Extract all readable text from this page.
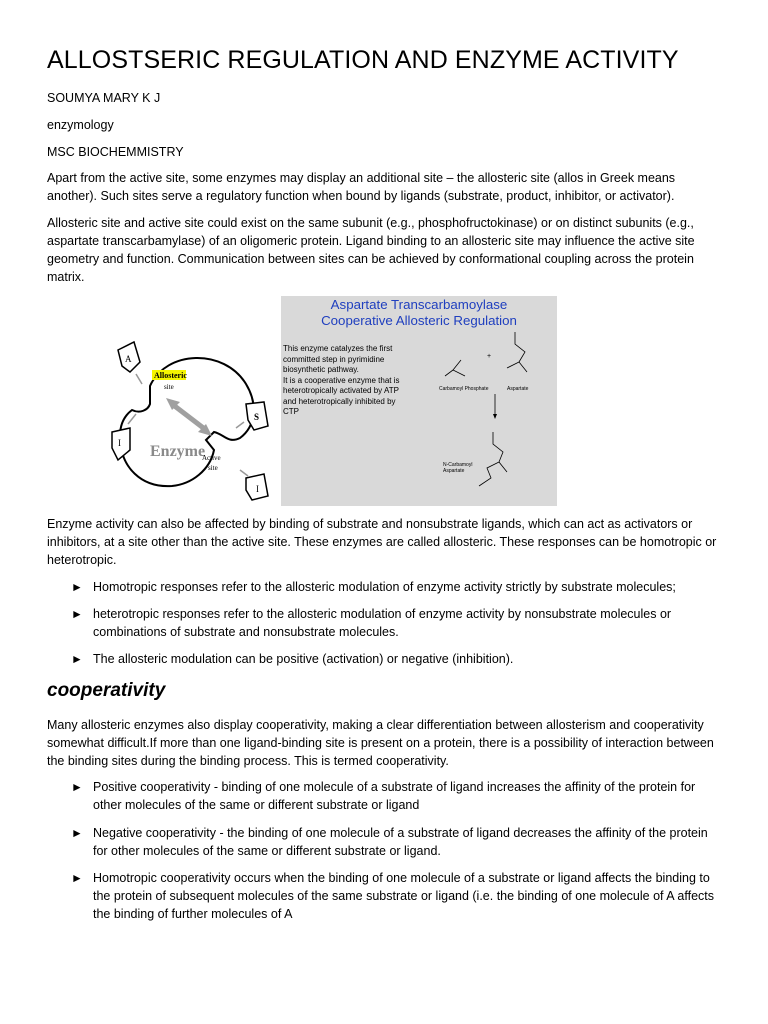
ALLOSTSERIC REGULATION AND ENZYME ACTIVITY
SOUMYA MARY K J
enzymology
MSC BIOCHEMMISTRY

Apart from the active site, some enzymes may display an additional site – the allosteric site (allos in Greek means another). Such sites serve a regulatory function when bound by ligands (substrate, product, inhibitor, or activator).

Allosteric site and active site could exist on the same subunit (e.g., phosphofructokinase) or on distinct subunits (e.g., aspartate transcarbamylase) of an oligomeric protein. Ligand binding to an allosteric site may influence the active site geometry and function. Communication between sites can be achieved by conformational coupling across the protein matrix.

Enzyme activity can also be affected by binding of substrate and nonsubstrate ligands, which can act as activators or inhibitors, at a site other than the active site. These enzymes are called allosteric. These responses can be homotropic or heterotropic.

► Homotropic responses refer to the allosteric modulation of enzyme activity strictly by substrate molecules;
► heterotropic responses refer to the allosteric modulation of enzyme activity by nonsubstrate molecules or combinations of substrate and nonsubstrate molecules.
► The allosteric modulation can be positive (activation) or negative (inhibition).
cooperativity

Many allosteric enzymes also display cooperativity, making a clear differentiation between allosterism and cooperativity somewhat difficult.If more than one ligand-binding site is present on a protein, there is a possibility of interaction between the binding sites during the binding process. This is termed cooperativity.

► Positive cooperativity - binding of one molecule of a substrate of ligand increases the affinity of the protein for other molecules of the same or different substrate or ligand
► Negative cooperativity - the binding of one molecule of a substrate of ligand decreases the affinity of the protein for other molecules of the same or different substrate or ligand.
► Homotropic cooperativity occurs when the binding of one molecule of a substrate or ligand affects the binding to the protein of subsequent molecules of the same substrate or ligand (i.e. the binding of one molecule of A affects the binding of further molecules of A
A
Allosteric
site
Enzyme
Active
site
S
I
I
Aspartate Transcarbamoylase
Cooperative Allosteric Regulation
This enzyme catalyzes the first committed step in pyrimidine biosynthetic pathway.
It is a cooperative enzyme that is heterotropically activated by ATP and heterotropically inhibited by CTP
+
Carbamoyl Phosphate	Aspartate
N-Carbamoyl
Aspartate
